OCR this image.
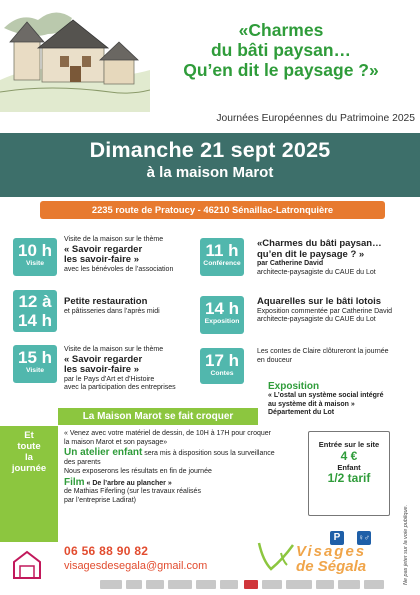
«Charmes
du bâti paysan…
Qu’en dit le paysage ?»
Journées Européennes du Patrimoine 2025
Dimanche 21 sept 2025
à la maison Marot
2235 route de Pratoucy - 46210 Sénaillac-Latronquière
10 h
Visite
12 à
14 h
15 h
Visite
11 h
Conférence
14 h
Exposition
17 h
Contes
Visite de la maison sur le thème
« Savoir regarder
les savoir-faire »
avec les bénévoles de l’association
Petite restauration
et pâtisseries dans l’après midi
Visite de la maison sur le thème
« Savoir regarder
les savoir-faire »
par le Pays d’Art et d’Histoire
avec la participation des entreprises
«Charmes du bâti paysan…
qu’en dit le paysage ? »
par Catherine David
architecte-paysagiste du CAUE du Lot
Aquarelles sur le bâti lotois
Exposition commentée par Catherine David
architecte-paysagiste du CAUE du Lot
Les contes de Claire clôtureront la journée
en douceur
Exposition
« L’ostal un système social intégré
au système dit à maison »
Département du Lot
La Maison Marot se fait croquer
Et
toute
la
journée
« Venez avec votre matériel de dessin, de 10H à 17H pour croquer
la maison Marot et son paysage»
Un atelier enfant sera mis à disposition sous la surveillance
des parents
Nous exposerons les résultats en fin de journée
Film « De l’arbre au plancher »
de Mathias Fiferling (sur les travaux réalisés
par l’entreprise Ladirat)
Entrée sur le site
4 €
Enfant
1/2 tarif
P	♀♂	Ne pas jeter sur la voie publique.
06 56 88 90 82
visagesdesegala@gmail.com
Visages
de Ségala
